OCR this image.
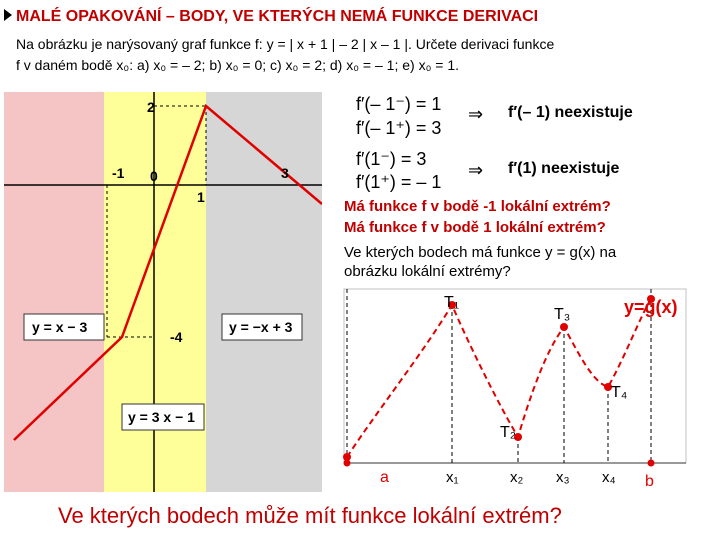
MALÉ OPAKOVÁNÍ – BODY, VE KTERÝCH NEMÁ FUNKCE DERIVACI
Na obrázku je narýsovaný graf funkce f: y = | x + 1 | – 2 | x – 1 |. Určete derivaci funkce
f v daném bodě x₀: a) x₀ = – 2; b) x₀ = 0; c) x₀ = 2; d) x₀ = – 1; e) x₀ = 1.
2
-1 0	3
1
-4
y = x − 3	y = −x + 3
y = 3 x − 1
f′(– 1⁻) = 1
f′(– 1⁺) = 3
⇒ f′(– 1) neexistuje
f′(1⁻) = 3
f′(1⁺) = – 1
⇒ f′(1) neexistuje
Má funkce f v bodě -1 lokální extrém?
Má funkce f v bodě 1 lokální extrém?
Ve kterých bodech má funkce y = g(x) na
obrázku lokální extrémy?
T₁
T₃
T₂
T₄
y=g(x)
a	x₁	x₂ x₃ x₄ b
Ve kterých bodech může mít funkce lokální extrém?
